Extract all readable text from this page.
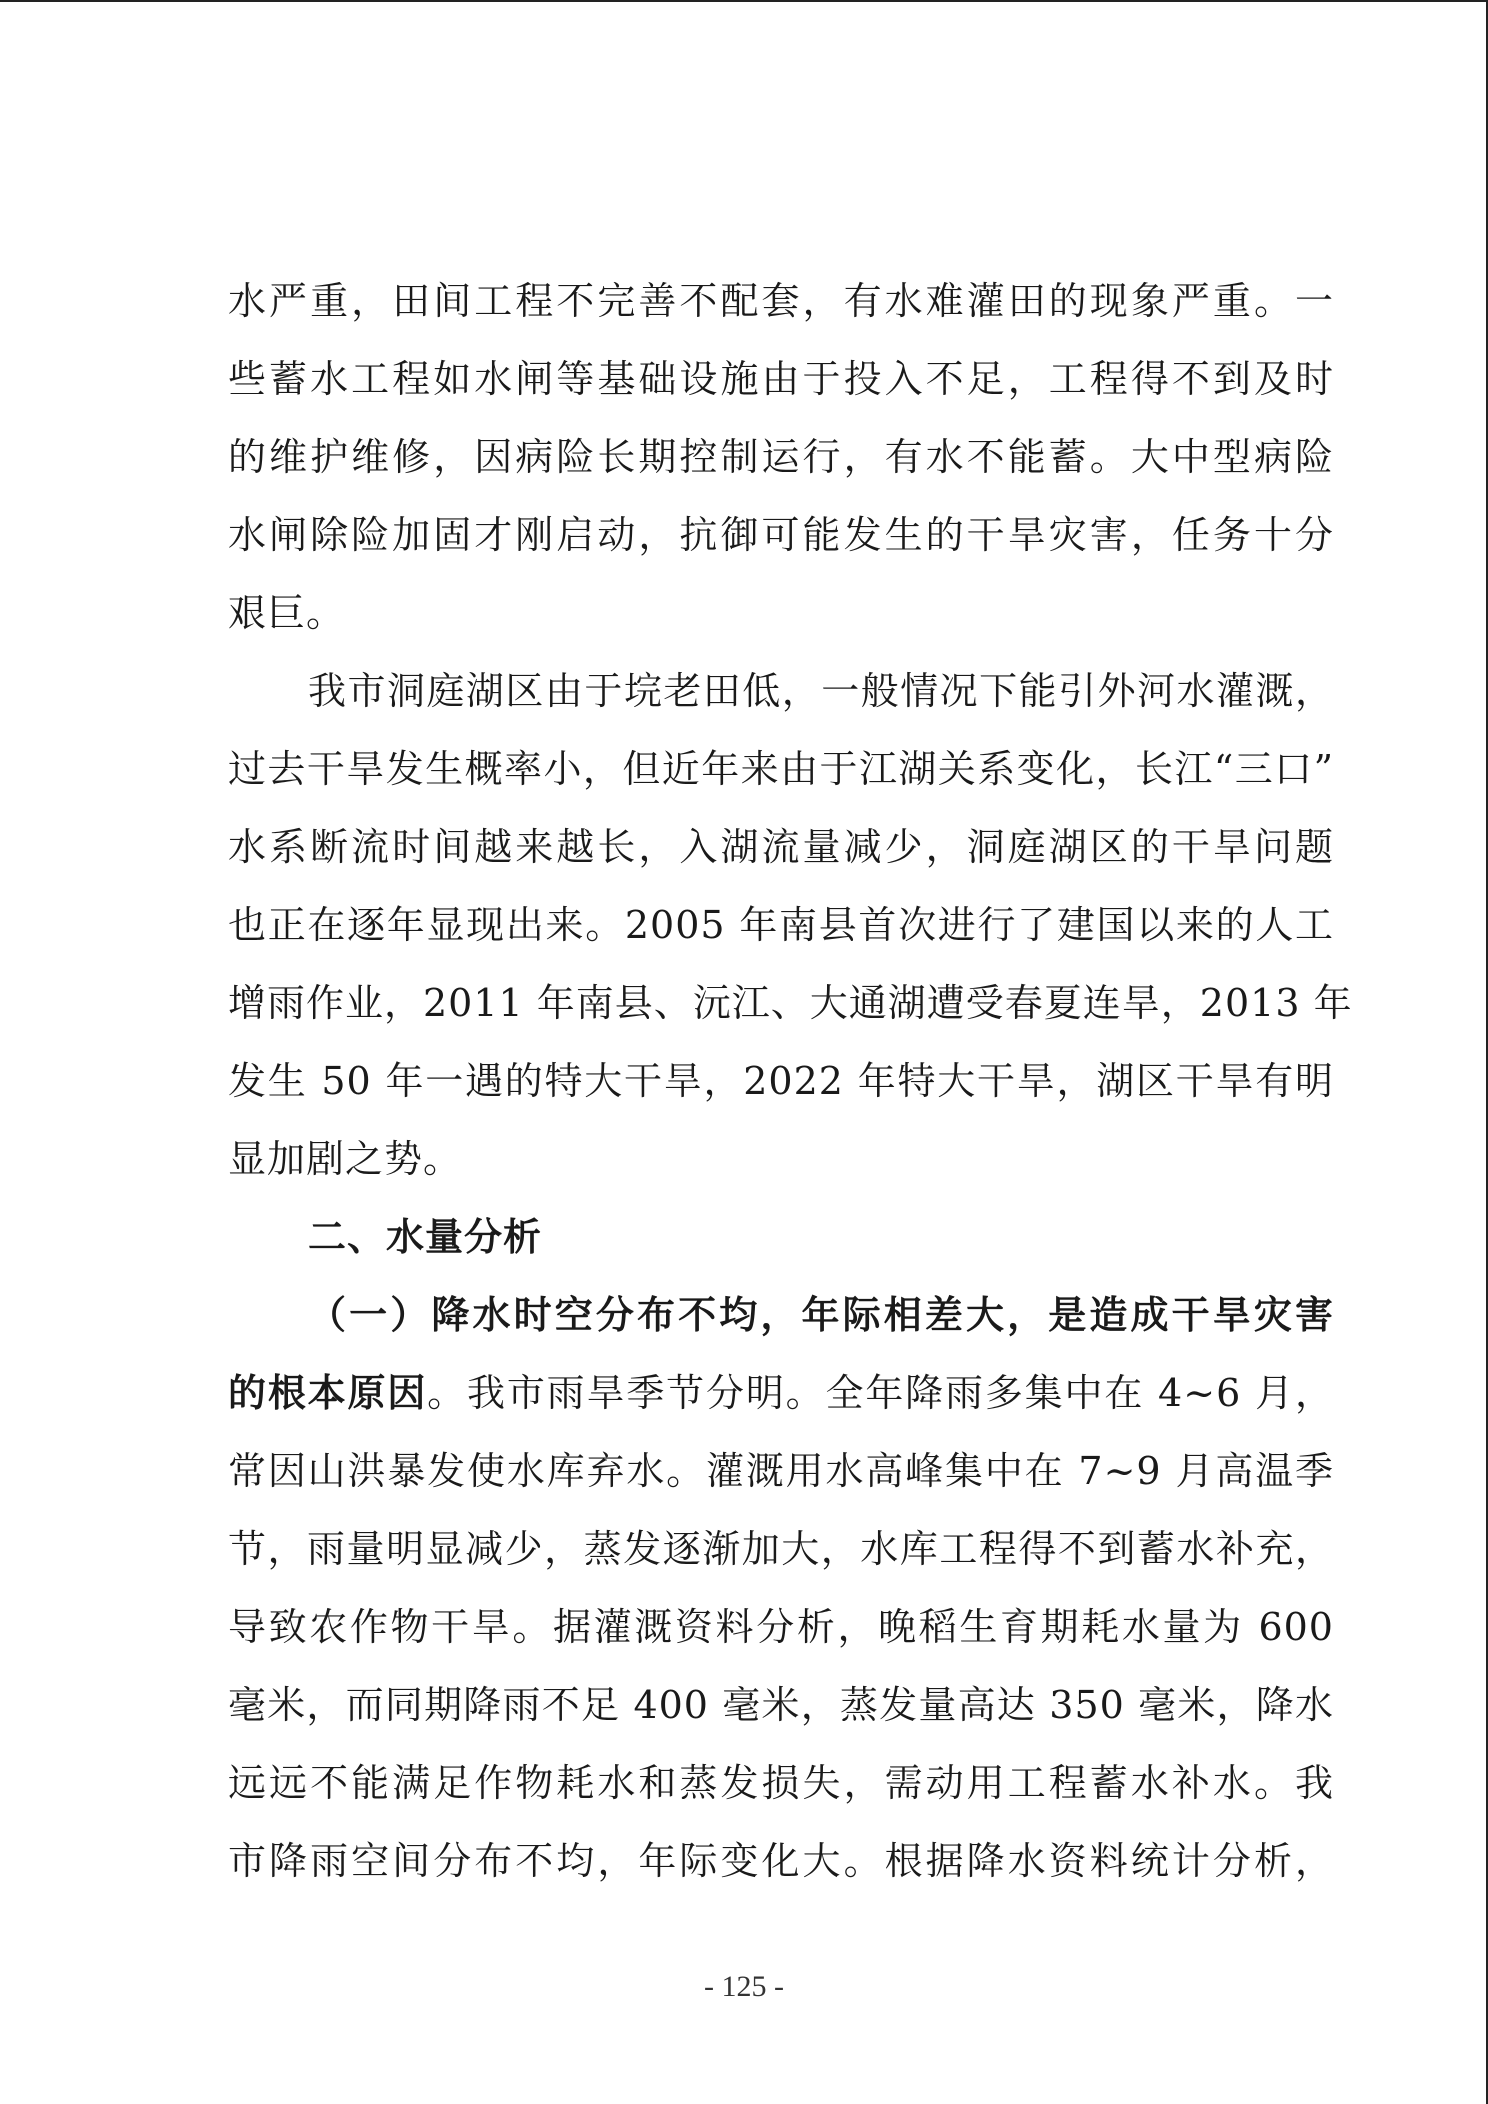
水严重，田间工程不完善不配套，有水难灌田的现象严重。一
些蓄水工程如水闸等基础设施由于投入不足，工程得不到及时
的维护维修，因病险长期控制运行，有水不能蓄。大中型病险
水闸除险加固才刚启动，抗御可能发生的干旱灾害，任务十分
艰巨。
我市洞庭湖区由于垸老田低，一般情况下能引外河水灌溉，
过去干旱发生概率小，但近年来由于江湖关系变化，长江“三口”
水系断流时间越来越长，入湖流量减少，洞庭湖区的干旱问题
也正在逐年显现出来。2005 年南县首次进行了建国以来的人工
增雨作业，2011 年南县、沅江、大通湖遭受春夏连旱，2013 年
发生 50 年一遇的特大干旱，2022 年特大干旱，湖区干旱有明
显加剧之势。
二、水量分析
（一）降水时空分布不均，年际相差大，是造成干旱灾害
的根本原因。我市雨旱季节分明。全年降雨多集中在 4~6 月，
常因山洪暴发使水库弃水。灌溉用水高峰集中在 7~9 月高温季
节，雨量明显减少，蒸发逐渐加大，水库工程得不到蓄水补充，
导致农作物干旱。据灌溉资料分析，晚稻生育期耗水量为 600
毫米，而同期降雨不足 400 毫米，蒸发量高达 350 毫米，降水
远远不能满足作物耗水和蒸发损失，需动用工程蓄水补水。我
市降雨空间分布不均，年际变化大。根据降水资料统计分析，
- 125 -
